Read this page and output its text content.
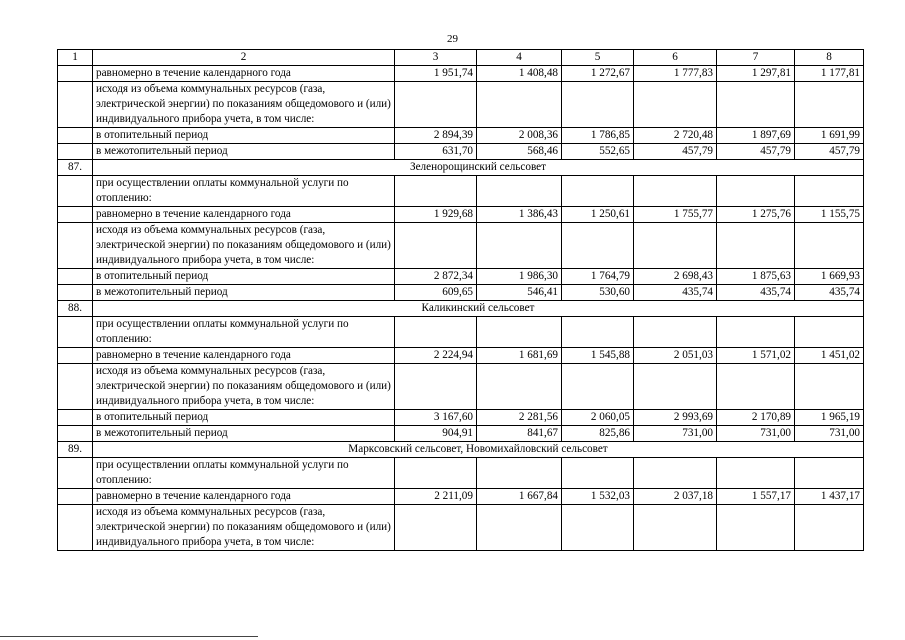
29
1	2	3	4	5	6	7	8
	равномерно в течение календарного года	1 951,74	1 408,48	1 272,67	1 777,83	1 297,81	1 177,81
	исходя из объема коммунальных ресурсов (газа, электрической энергии) по показаниям общедомового и (или) индивидуального прибора учета, в том числе:						
	в отопительный период	2 894,39	2 008,36	1 786,85	2 720,48	1 897,69	1 691,99
	в межотопительный период	631,70	568,46	552,65	457,79	457,79	457,79
87.	Зеленорощинский сельсовет						
	при осуществлении оплаты коммунальной услуги по отоплению:						
	равномерно в течение календарного года	1 929,68	1 386,43	1 250,61	1 755,77	1 275,76	1 155,75
	исходя из объема коммунальных ресурсов (газа, электрической энергии) по показаниям общедомового и (или) индивидуального прибора учета, в том числе:						
	в отопительный период	2 872,34	1 986,30	1 764,79	2 698,43	1 875,63	1 669,93
	в межотопительный период	609,65	546,41	530,60	435,74	435,74	435,74
88.	Каликинский сельсовет						
	при осуществлении оплаты коммунальной услуги по отоплению:						
	равномерно в течение календарного года	2 224,94	1 681,69	1 545,88	2 051,03	1 571,02	1 451,02
	исходя из объема коммунальных ресурсов (газа, электрической энергии) по показаниям общедомового и (или) индивидуального прибора учета, в том числе:						
	в отопительный период	3 167,60	2 281,56	2 060,05	2 993,69	2 170,89	1 965,19
	в межотопительный период	904,91	841,67	825,86	731,00	731,00	731,00
89.	Марксовский сельсовет, Новомихайловский сельсовет						
	при осуществлении оплаты коммунальной услуги по отоплению:						
	равномерно в течение календарного года	2 211,09	1 667,84	1 532,03	2 037,18	1 557,17	1 437,17
	исходя из объема коммунальных ресурсов (газа, электрической энергии) по показаниям общедомового и (или) индивидуального прибора учета, в том числе:						
